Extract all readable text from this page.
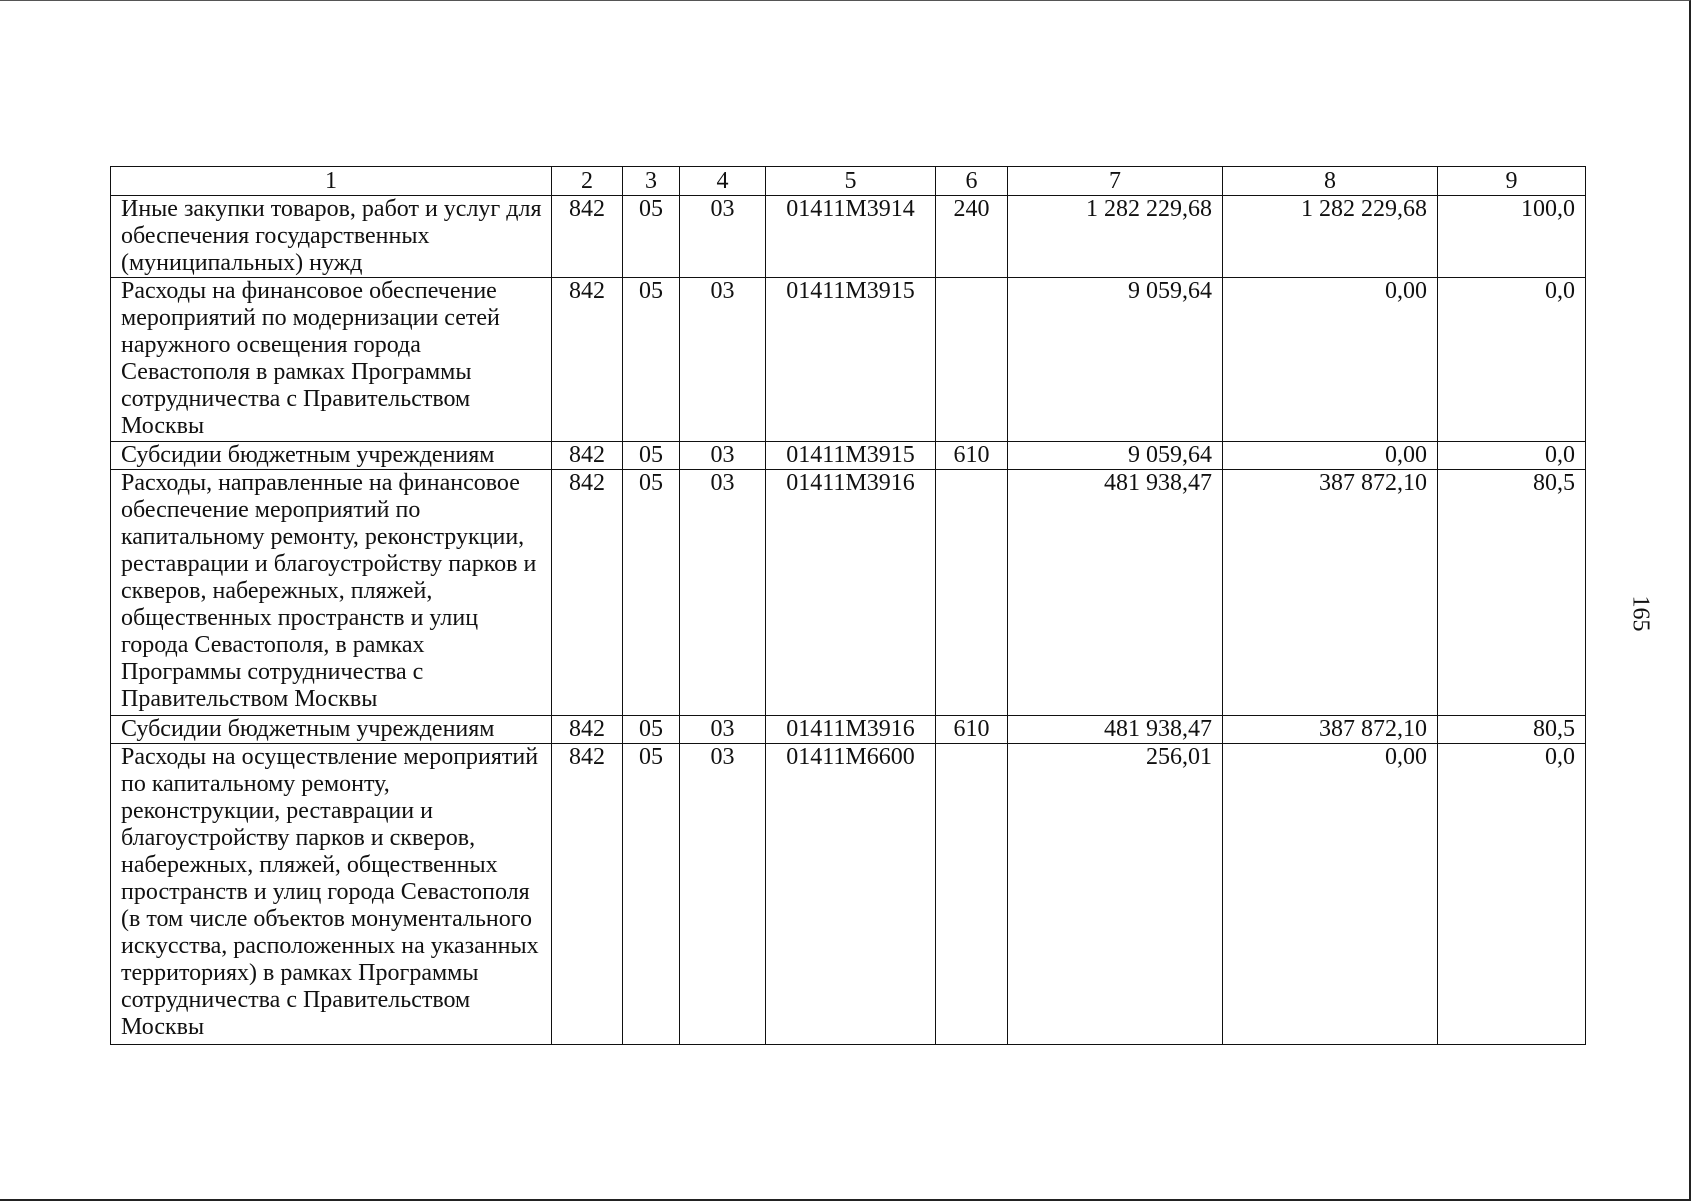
1	2	3	4	5	6	7	8	9
Иные закупки товаров, работ и услуг для обеспечения государственных (муниципальных) нужд	842	05	03	01411M3914	240	1 282 229,68	1 282 229,68	100,0
Расходы на финансовое обеспечение мероприятий по модернизации сетей наружного освещения города Севастополя в рамках Программы сотрудничества с Правительством Москвы	842	05	03	01411M3915		9 059,64	0,00	0,0
Субсидии бюджетным учреждениям	842	05	03	01411M3915	610	9 059,64	0,00	0,0
Расходы, направленные на финансовое обеспечение мероприятий по капитальному ремонту, реконструкции, реставрации и благоустройству парков и скверов, набережных, пляжей, общественных пространств и улиц города Севастополя, в рамках Программы сотрудничества с Правительством Москвы	842	05	03	01411M3916		481 938,47	387 872,10	80,5
Субсидии бюджетным учреждениям	842	05	03	01411M3916	610	481 938,47	387 872,10	80,5
Расходы на осуществление мероприятий по капитальному ремонту, реконструкции, реставрации и благоустройству парков и скверов, набережных, пляжей, общественных пространств и улиц города Севастополя (в том числе объектов монументального искусства, расположенных на указанных территориях) в рамках Программы сотрудничества с Правительством Москвы	842	05	03	01411M6600		256,01	0,00	0,0
165
